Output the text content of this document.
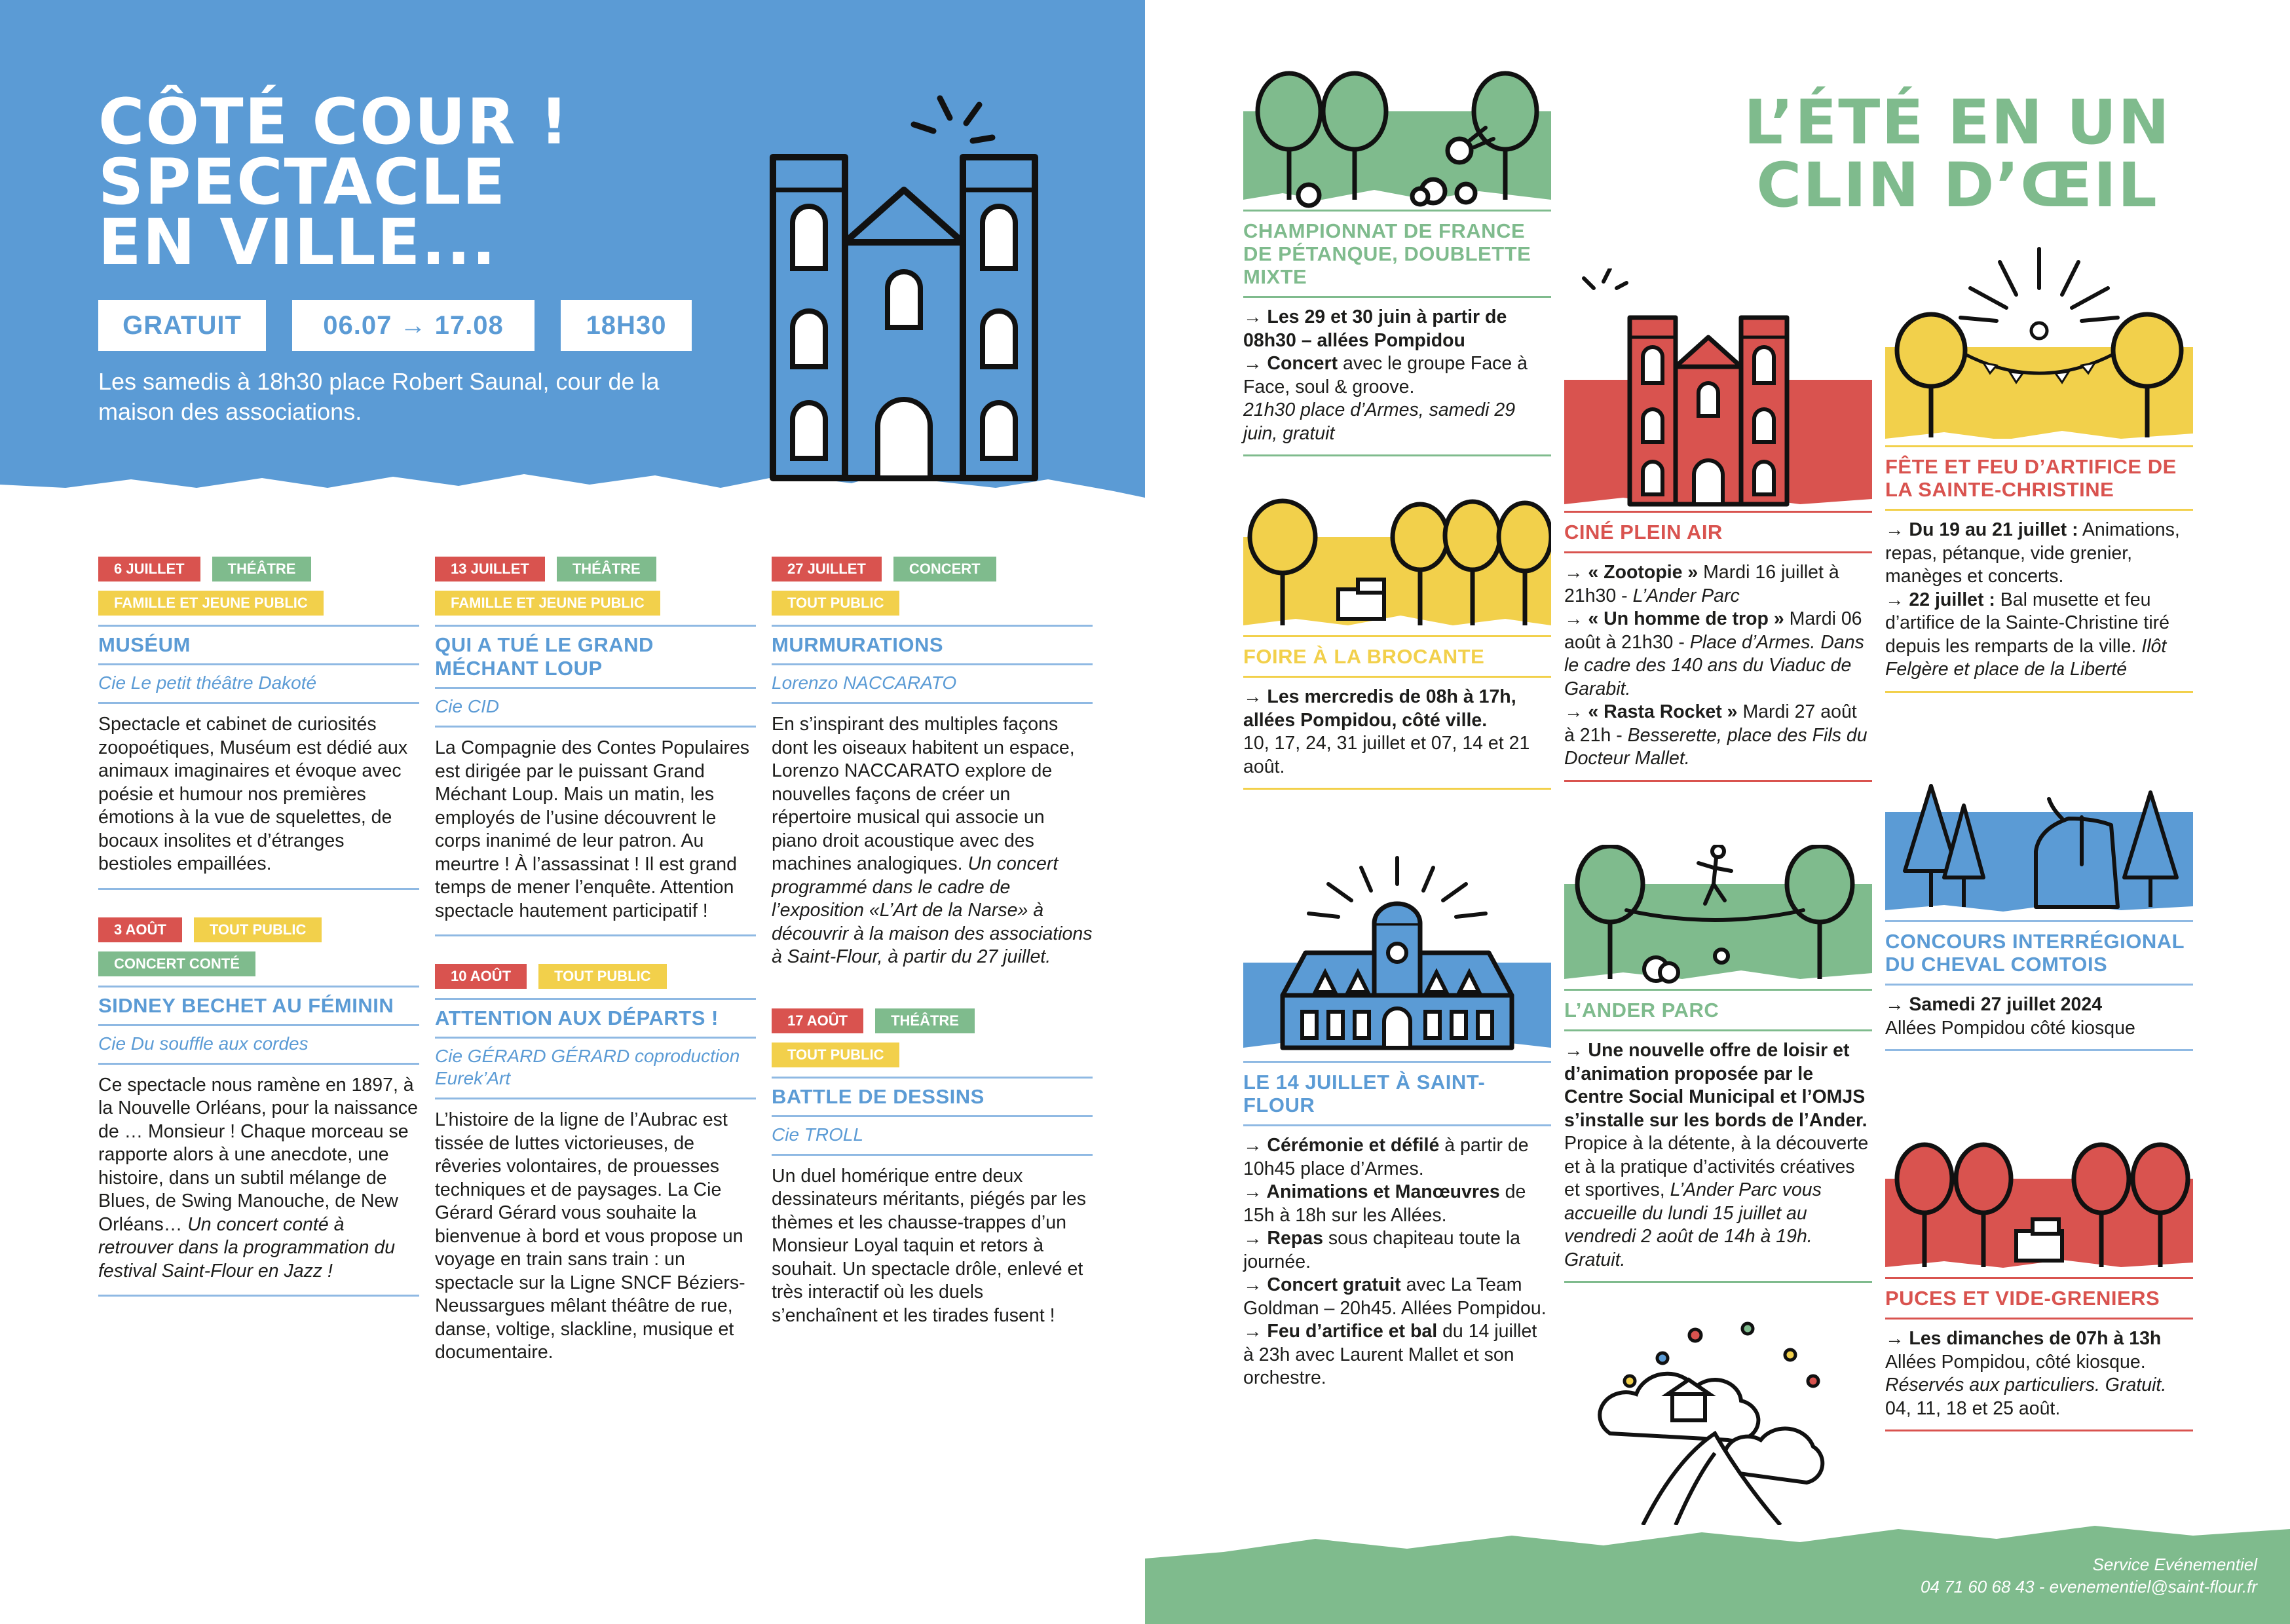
CÔTÉ COUR !
SPECTACLE
EN VILLE...
GRATUIT	06.07 → 17.08	18H30
Les samedis à 18h30 place Robert Saunal, cour de la maison des associations.
6 JUILLET	THÉÂTRE
FAMILLE ET JEUNE PUBLIC
MUSÉUM
Cie Le petit théâtre Dakoté
Spectacle et cabinet de curiosités zoopoétiques, Muséum est dédié aux animaux imaginaires et évoque avec poésie et humour nos premières émotions à la vue de squelettes, de bocaux insolites et d’étranges bestioles empaillées.
3 AOÛT	TOUT PUBLIC
CONCERT CONTÉ
SIDNEY BECHET AU FÉMININ
Cie Du souffle aux cordes
Ce spectacle nous ramène en 1897, à la Nouvelle Orléans, pour la naissance de … Monsieur ! Chaque morceau se rapporte alors à une anecdote, une histoire, dans un subtil mélange de Blues, de Swing Manouche, de New Orléans… Un concert conté à retrouver dans la programmation du festival Saint-Flour en Jazz !
13 JUILLET	THÉÂTRE
FAMILLE ET JEUNE PUBLIC
QUI A TUÉ LE GRAND MÉCHANT LOUP
Cie CID
La Compagnie des Contes Populaires est dirigée par le puissant Grand Méchant Loup. Mais un matin, les employés de l’usine découvrent le corps inanimé de leur patron. Au meurtre ! À l’assassinat ! Il est grand temps de mener l’enquête. Attention spectacle hautement participatif !
10 AOÛT	TOUT PUBLIC
ATTENTION AUX DÉPARTS !
Cie GÉRARD GÉRARD coproduction Eurek’Art
L’histoire de la ligne de l’Aubrac est tissée de luttes victorieuses, de rêveries volontaires, de prouesses techniques et de paysages. La Cie Gérard Gérard vous souhaite la bienvenue à bord et vous propose un voyage en train sans train : un spectacle sur la Ligne SNCF Béziers-Neussargues mêlant théâtre de rue, danse, voltige, slackline, musique et documentaire.
27 JUILLET	CONCERT
TOUT PUBLIC
MURMURATIONS
Lorenzo NACCARATO
En s’inspirant des multiples façons dont les oiseaux habitent un espace, Lorenzo NACCARATO explore de nouvelles façons de créer un répertoire musical qui associe un piano droit acoustique avec des machines analogiques. Un concert programmé dans le cadre de l’exposition «L’Art de la Narse» à découvrir à la maison des associations à Saint-Flour, à partir du 27 juillet.
17 AOÛT	THÉÂTRE
TOUT PUBLIC
BATTLE DE DESSINS
Cie TROLL
Un duel homérique entre deux dessinateurs méritants, piégés par les thèmes et les chausse-trappes d’un Monsieur Loyal taquin et retors à souhait. Un spectacle drôle, enlevé et très interactif où les duels s’enchaînent et les tirades fusent !
L’ÉTÉ EN UN
CLIN D’ŒIL
CHAMPIONNAT DE FRANCE DE PÉTANQUE, DOUBLETTE MIXTE
→ Les 29 et 30 juin à partir de 08h30 – allées Pompidou
→ Concert avec le groupe Face à Face, soul & groove.
21h30 place d’Armes, samedi 29 juin, gratuit
FOIRE À LA BROCANTE
→ Les mercredis de 08h à 17h, allées Pompidou, côté ville.
10, 17, 24, 31 juillet et 07, 14 et 21 août.
LE 14 JUILLET À SAINT-FLOUR
→ Cérémonie et défilé à partir de 10h45 place d’Armes.
→ Animations et Manœuvres de 15h à 18h sur les Allées.
→ Repas sous chapiteau toute la journée.
→ Concert gratuit avec La Team Goldman – 20h45. Allées Pompidou.
→ Feu d’artifice et bal du 14 juillet à 23h avec Laurent Mallet et son orchestre.
CINÉ PLEIN AIR
→ « Zootopie » Mardi 16 juillet à 21h30 - L’Ander Parc
→ « Un homme de trop » Mardi 06 août à 21h30 - Place d’Armes. Dans le cadre des 140 ans du Viaduc de Garabit.
→ « Rasta Rocket » Mardi 27 août à 21h - Besserette, place des Fils du Docteur Mallet.
L’ANDER PARC
→ Une nouvelle offre de loisir et d’animation proposée par le Centre Social Municipal et l’OMJS s’installe sur les bords de l’Ander. Propice à la détente, à la découverte et à la pratique d’activités créatives et sportives, L’Ander Parc vous accueille du lundi 15 juillet au vendredi 2 août de 14h à 19h. Gratuit.
FÊTE ET FEU D’ARTIFICE DE LA SAINTE-CHRISTINE
→ Du 19 au 21 juillet : Animations, repas, pétanque, vide grenier, manèges et concerts.
→ 22 juillet : Bal musette et feu d’artifice de la Sainte-Christine tiré depuis les remparts de la ville. Ilôt Felgère et place de la Liberté
CONCOURS INTERRÉGIONAL DU CHEVAL COMTOIS
→ Samedi 27 juillet 2024
Allées Pompidou côté kiosque
PUCES ET VIDE-GRENIERS
→ Les dimanches de 07h à 13h
Allées Pompidou, côté kiosque.
Réservés aux particuliers. Gratuit.
04, 11, 18 et 25 août.
Service Evénementiel
04 71 60 68 43 - evenementiel@saint-flour.fr
